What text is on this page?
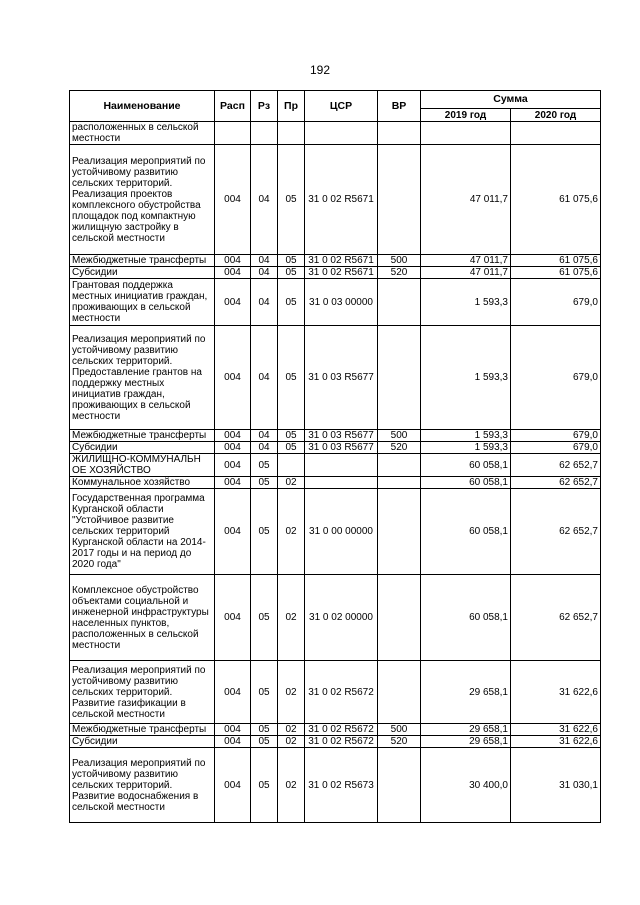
192
Наименование	Расп	Рз	Пр	ЦСР	ВР	Сумма	
						2019 год	2020 год
расположенных в сельской местности							
Реализация мероприятий по устойчивому развитию сельских территорий. Реализация проектов комплексного обустройства площадок под компактную жилищную застройку в сельской местности	004	04	05	31 0 02 R5671		47 011,7	61 075,6
Межбюджетные трансферты	004	04	05	31 0 02 R5671	500	47 011,7	61 075,6
Субсидии	004	04	05	31 0 02 R5671	520	47 011,7	61 075,6
Грантовая поддержка местных инициатив граждан, проживающих в сельской местности	004	04	05	31 0 03 00000		1 593,3	679,0
Реализация мероприятий по устойчивому развитию сельских территорий. Предоставление грантов на поддержку местных инициатив граждан, проживающих в сельской местности	004	04	05	31 0 03 R5677		1 593,3	679,0
Межбюджетные трансферты	004	04	05	31 0 03 R5677	500	1 593,3	679,0
Субсидии	004	04	05	31 0 03 R5677	520	1 593,3	679,0
ЖИЛИЩНО-КОММУНАЛЬН ОЕ ХОЗЯЙСТВО	004	05				60 058,1	62 652,7
Коммунальное хозяйство	004	05	02			60 058,1	62 652,7
Государственная программа Курганской области "Устойчивое развитие сельских территорий Курганской области на 2014-2017 годы и на период до 2020 года"	004	05	02	31 0 00 00000		60 058,1	62 652,7
Комплексное обустройство объектами социальной и инженерной инфраструктуры населенных пунктов, расположенных в сельской местности	004	05	02	31 0 02 00000		60 058,1	62 652,7
Реализация мероприятий по устойчивому развитию сельских территорий. Развитие газификации в сельской местности	004	05	02	31 0 02 R5672		29 658,1	31 622,6
Межбюджетные трансферты	004	05	02	31 0 02 R5672	500	29 658,1	31 622,6
Субсидии	004	05	02	31 0 02 R5672	520	29 658,1	31 622,6
Реализация мероприятий по устойчивому развитию сельских территорий. Развитие водоснабжения в сельской местности	004	05	02	31 0 02 R5673		30 400,0	31 030,1
